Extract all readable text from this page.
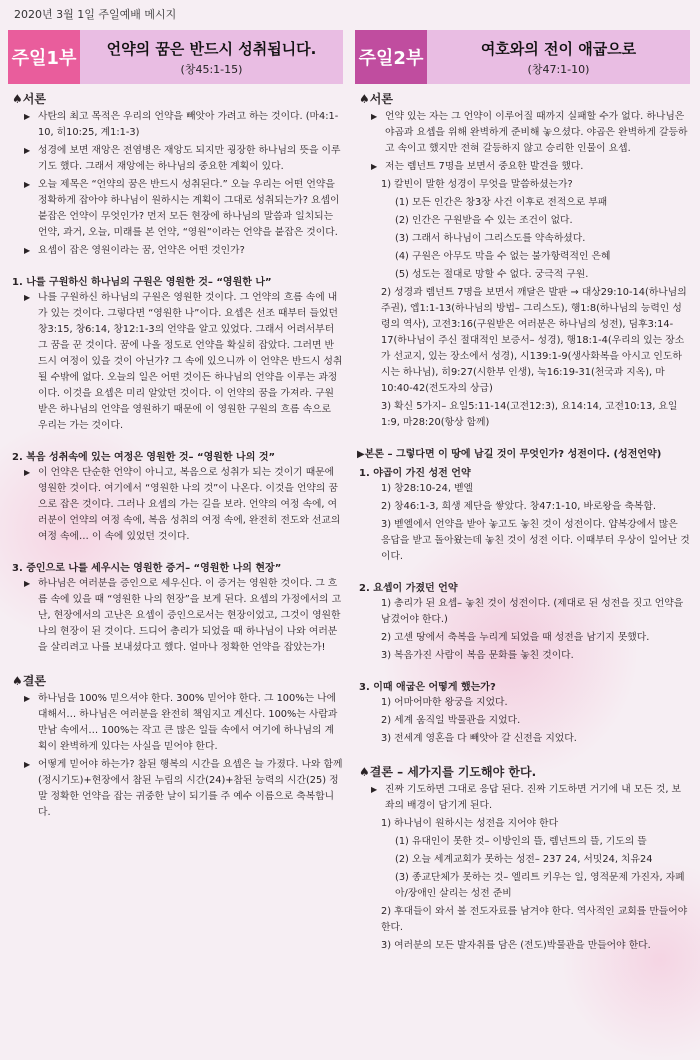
2020년 3월 1일 주일예배 메시지
주일1부 언약의 꿈은 반드시 성취됩니다.
(창45:1-15)
♠서론
▶ 사탄의 최고 목적은 우리의 언약을 빼앗아 가려고 하는 것이다. (마4:1-10, 히10:25, 계1:1-3)
▶ 성경에 보면 재앙은 전염병은 재앙도 되지만 굉장한 하나님의 뜻을 이루기도 했다. 그래서 재앙에는 하나님의 중요한 계획이 있다.
▶ 오늘 제목은 “언약의 꿈은 반드시 성취된다.” 오늘 우리는 어떤 언약을 정확하게 잡아야 하나님이 원하시는 계획이 그대로 성취되는가? 요셉이 붙잡은 언약이 무엇인가? 먼저 모든 현장에 하나님의 말씀과 일치되는 언약, 과거, 오늘, 미래를 본 언약, “영원”이라는 언약을 붙잡은 것이다.
▶ 요셉이 잡은 영원이라는 꿈, 언약은 어떤 것인가?
1. 나를 구원하신 하나님의 구원은 영원한 것– “영원한 나”
▶ 나를 구원하신 하나님의 구원은 영원한 것이다. 그 언약의 흐름 속에 내가 있는 것이다. 그렇다면 “영원한 나”이다. 요셉은 선조 때부터 들었던 창3:15, 창6:14, 창12:1-3의 언약을 알고 있었다. 그래서 어려서부터 그 꿈을 꾼 것이다. 꿈에 나올 정도로 언약을 확실히 잡았다. 그러면 반드시 여정이 있을 것이 아닌가? 그 속에 있으니까 이 언약은 반드시 성취될 수밖에 없다. 오늘의 일은 어떤 것이든 하나님의 언약을 이루는 과정이다. 이것을 요셉은 미리 알았던 것이다. 이 언약의 꿈을 가져라. 구원받은 하나님의 언약을 영원하기 때문에 이 영원한 구원의 흐름 속으로 우리는 가는 것이다.
2. 복음 성취속에 있는 여정은 영원한 것– “영원한 나의 것”
▶ 이 언약은 단순한 언약이 아니고, 복음으로 성취가 되는 것이기 때문에 영원한 것이다. 여기에서 “영원한 나의 것”이 나온다. 이것을 언약의 꿈으로 잡은 것이다. 그러나 요셉의 가는 길을 보라. 언약의 여정 속에, 여러분이 언약의 여정 속에, 복음 성취의 여정 속에, 완전히 전도와 선교의 여정 속에… 이 속에 있었던 것이다.
3. 증인으로 나를 세우시는 영원한 증거– “영원한 나의 현장”
▶ 하나님은 여러분을 증인으로 세우신다. 이 증거는 영원한 것이다. 그 흐름 속에 있을 때 “영원한 나의 현장”을 보게 된다. 요셉의 가정에서의 고난, 현장에서의 고난은 요셉이 증인으로서는 현장이었고, 그것이 영원한 나의 현장이 된 것이다. 드디어 총리가 되었을 때 하나님이 나와 여러분을 살리려고 나를 보내셨다고 했다. 얼마나 정확한 언약을 잡았는가!
♠결론
▶ 하나님을 100% 믿으셔야 한다. 300% 믿어야 한다. 그 100%는 나에 대해서… 하나님은 여러분을 완전히 책임지고 계신다. 100%는 사람과 만남 속에서… 100%는 작고 큰 많은 일들 속에서 여기에 하나님의 계획이 완벽하게 있다는 사실을 믿어야 한다.
▶ 어떻게 믿어야 하는가? 참된 행복의 시간을 요셉은 늘 가졌다. 나와 함께(정시기도)+현장에서 참된 누림의 시간(24)+참된 능력의 시간(25) 정말 정확한 언약을 잡는 귀중한 날이 되기를 주 예수 이름으로 축복합니다.
주일2부	여호와의 전이 애굽으로
(창47:1-10)
♠서론
▶ 언약 있는 자는 그 언약이 이루어질 때까지 실패할 수가 없다. 하나님은 야곱과 요셉을 위해 완벽하게 준비해 놓으셨다. 야곱은 완벽하게 갈등하고 속이고 했지만 전혀 갈등하지 않고 승리한 인물이 요셉.
▶ 저는 렘넌트 7명을 보면서 중요한 발견을 했다.
1) 칼빈이 말한 성경이 무엇을 말씀하셨는가?
(1) 모든 인간은 창3장 사건 이후로 전적으로 부패
(2) 인간은 구원받을 수 있는 조건이 없다.
(3) 그래서 하나님이 그리스도를 약속하셨다.
(4) 구원은 아무도 막을 수 없는 불가항력적인 은혜
(5) 성도는 절대로 망할 수 없다. 궁극적 구원.
2) 성경과 렘넌트 7명을 보면서 깨달은 발판 → 대상29:10-14(하나님의 주권), 엡1:1-13(하나님의 방법– 그리스도), 행1:8(하나님의 능력인 성령의 역사), 고전3:16(구원받은 여러분은 하나님의 성전), 딤후3:14-17(하나님이 주신 절대적인 보증서– 성경), 행18:1-4(우리의 있는 장소가 선교지, 있는 장소에서 성경), 시139:1-9(생사화복을 아시고 인도하시는 하나님), 히9:27(시한부 인생), 눅16:19-31(천국과 지옥), 마10:40-42(전도자의 상급)
3) 확신 5가지– 요일5:11-14(고전12:3), 요14:14, 고전10:13, 요일1:9, 마28:20(항상 함께)
▶본론 – 그렇다면 이 땅에 남길 것이 무엇인가? 성전이다. (성전언약)
1. 야곱이 가진 성전 언약
1) 창28:10-24, 벧엘
2) 창46:1-3, 희생 제단을 쌓았다. 창47:1-10, 바로왕을 축복함.
3) 벧엘에서 언약을 받아 놓고도 놓친 것이 성전이다. 얍복강에서 많은 응답을 받고 돌아왔는데 놓친 것이 성전 이다. 이때부터 우상이 일어난 것이다.
2. 요셉이 가졌던 언약
1) 총리가 된 요셉– 놓친 것이 성전이다. (제대로 된 성전을 짓고 언약을 남겼어야 한다.)
2) 고센 땅에서 축복을 누리게 되었을 때 성전을 남기지 못했다.
3) 복음가진 사람이 복음 문화를 놓친 것이다.
3. 이때 애굽은 어떻게 했는가?
1) 어마어마한 왕궁을 지었다.
2) 세계 움직일 박물관을 지었다.
3) 전세계 영혼을 다 빼앗아 갈 신전을 지었다.
♠결론 – 세가지를 기도해야 한다.
▶ 진짜 기도하면 그대로 응답 된다. 진짜 기도하면 거기에 내 모든 것, 보좌의 배경이 담기게 된다.
1) 하나님이 원하시는 성전을 지어야 한다
(1) 유대인이 못한 것– 이방인의 뜰, 렘넌트의 뜰, 기도의 뜰
(2) 오늘 세계교회가 못하는 성전– 237 24, 서밋24, 치유24
(3) 종교단체가 못하는 것– 엘리트 키우는 일, 영적문제 가진자, 자폐아/장애인 살리는 성전 준비
2) 후대들이 와서 볼 전도자료를 남겨야 한다. 역사적인 교회를 만들어야 한다.
3) 여러분의 모든 발자취를 담은 (전도)박물관을 만들어야 한다.
